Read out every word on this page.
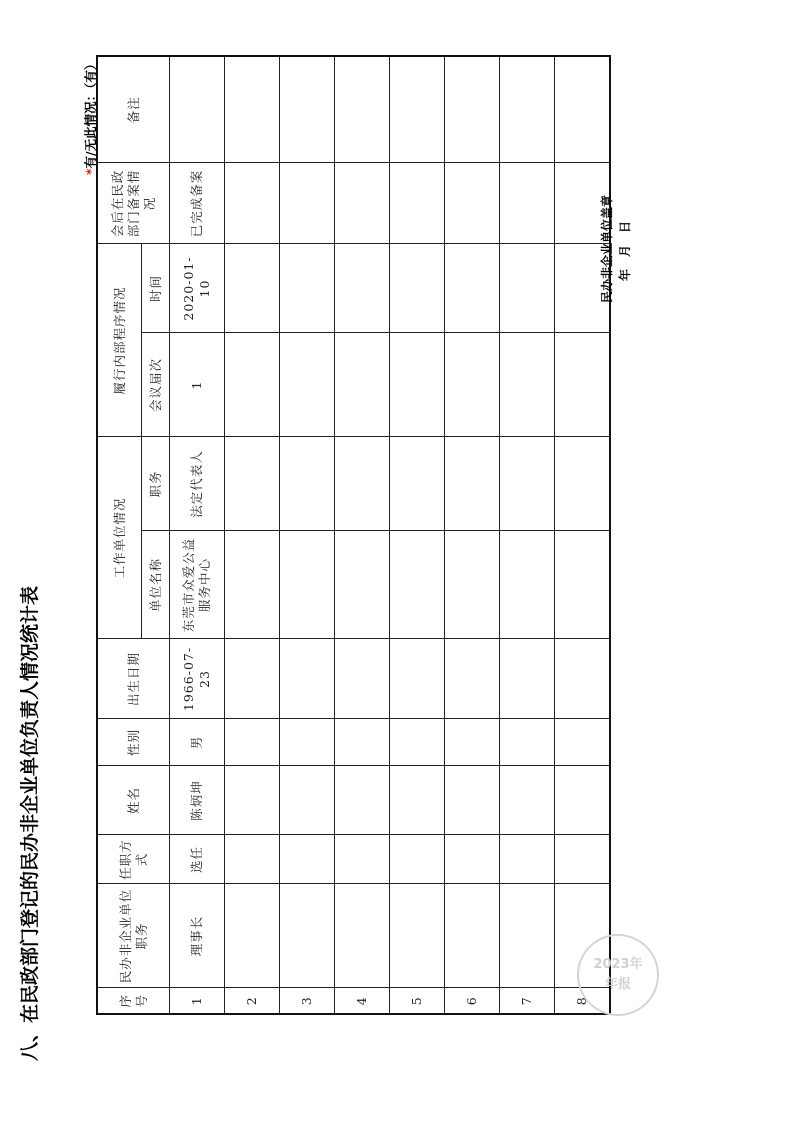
八、在民政部门登记的民办非企业单位负责人情况统计表
*有/无此情况：（有）
序号	民办非企业单位职务	任职方式	姓名	性别	出生日期	工作单位情况		履行内部程序情况		会后在民政部门备案情况	备注
						单位名称	职务	会议届次	时间		
1	理事长	选任	陈炳坤	男	1966-07-23	东莞市众爱公益服务中心	法定代表人	1	2020-01-10	已完成备案	
2											
3											
4											
5											
6											
7											
8											
2023年
年报
民办非企业单位盖章 年
月
日
